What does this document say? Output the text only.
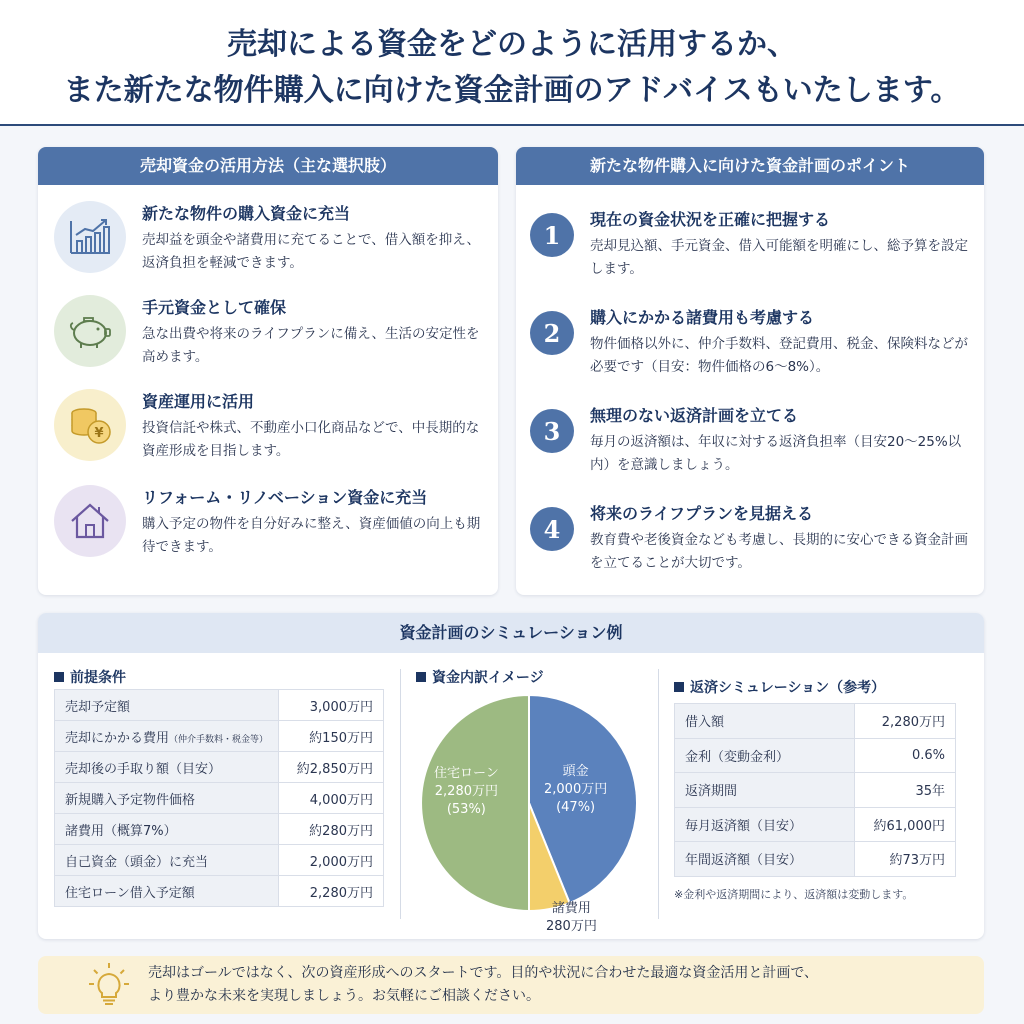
売却による資金をどのように活用するか、
また新たな物件購入に向けた資金計画のアドバイスもいたします。
売却資金の活用方法（主な選択肢）
新たな物件の購入資金に充当
売却益を頭金や諸費用に充てることで、借入額を抑え、返済負担を軽減できます。
手元資金として確保
急な出費や将来のライフプランに備え、生活の安定性を高めます。
¥
資産運用に活用
投資信託や株式、不動産小口化商品などで、中長期的な資産形成を目指します。
リフォーム・リノベーション資金に充当
購入予定の物件を自分好みに整え、資産価値の向上も期待できます。
新たな物件購入に向けた資金計画のポイント
1
現在の資金状況を正確に把握する
売却見込額、手元資金、借入可能額を明確にし、総予算を設定します。
2
購入にかかる諸費用も考慮する
物件価格以外に、仲介手数料、登記費用、税金、保険料などが必要です（目安：物件価格の6〜8%）。
3
無理のない返済計画を立てる
毎月の返済額は、年収に対する返済負担率（目安20〜25%以内）を意識しましょう。
4
将来のライフプランを見据える
教育費や老後資金なども考慮し、長期的に安心できる資金計画を立てることが大切です。
資金計画のシミュレーション例
前提条件
売却予定額	3,000万円
売却にかかる費用（仲介手数料・税金等）	約150万円
売却後の手取り額（目安）	約2,850万円
新規購入予定物件価格	4,000万円
諸費用（概算7%）	約280万円
自己資金（頭金）に充当	2,000万円
住宅ローン借入予定額	2,280万円
資金内訳イメージ
住宅ローン
2,280万円
(53%)
頭金
2,000万円
(47%)
諸費用
280万円
返済シミュレーション（参考）
借入額	2,280万円
金利（変動金利）	0.6%
返済期間	35年
毎月返済額（目安）	約61,000円
年間返済額（目安）	約73万円
※金利や返済期間により、返済額は変動します。
売却はゴールではなく、次の資産形成へのスタートです。目的や状況に合わせた最適な資金活用と計画で、
より豊かな未来を実現しましょう。お気軽にご相談ください。
